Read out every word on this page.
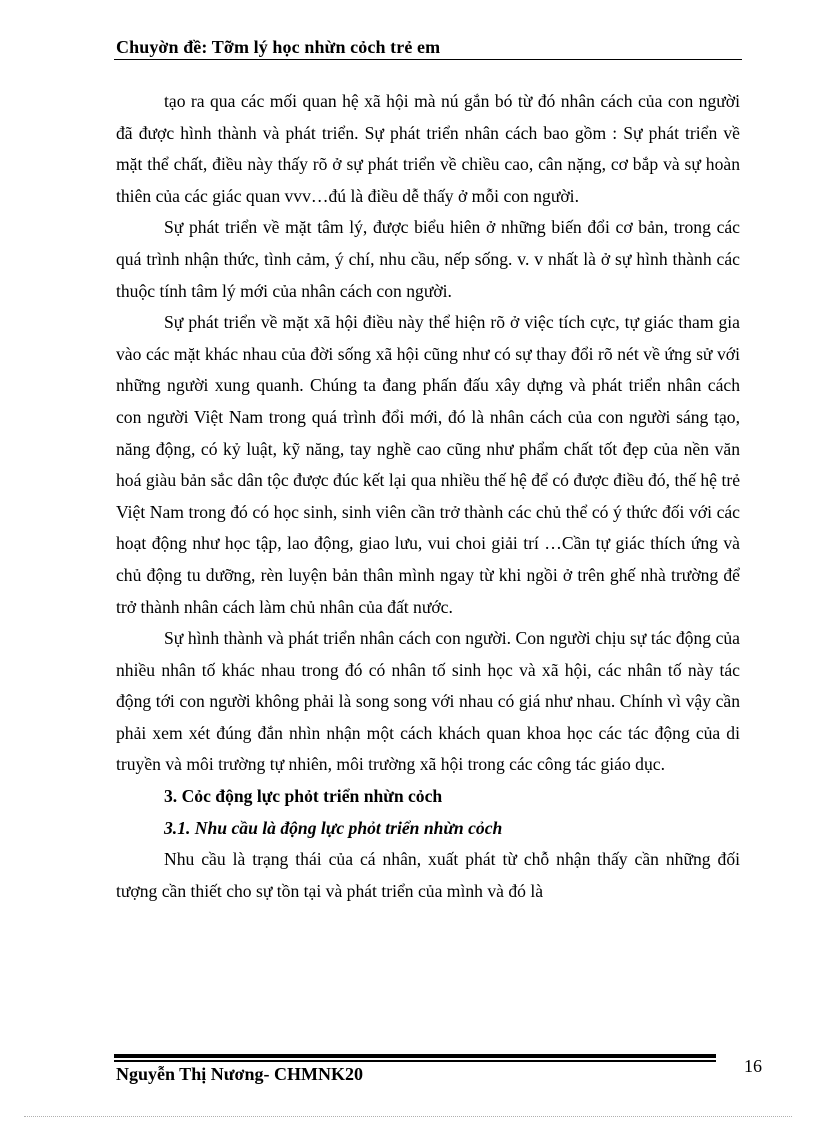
Chuyờn đề: Tỡm lý học nhừn cỏch trẻ em

tạo ra qua các mối quan hệ xã hội mà nú gắn bó từ đó nhân cách của con người đã được hình thành và phát triển. Sự phát triển nhân cách bao gồm : Sự phát triển về mặt thể chất, điều này thấy rõ ở sự phát triển về chiều cao, cân nặng, cơ bắp và sự hoàn thiên của các giác quan vvv…đú là điều dễ thấy ở mỗi con người.

Sự phát triển về mặt tâm lý, được biểu hiên ở những biến đổi cơ bản, trong các quá trình nhận thức, tình cảm, ý chí, nhu cầu, nếp sống. v. v nhất là ở sự hình thành các thuộc tính tâm lý mới của nhân cách con người.

Sự phát triển về mặt xã hội điều này thể hiện rõ ở việc tích cực, tự giác tham gia vào các mặt khác nhau của đời sống xã hội cũng như có sự thay đổi rõ nét về ứng sử với những người xung quanh. Chúng ta đang phấn đấu xây dựng và phát triển nhân cách con người Việt Nam trong quá trình đổi mới, đó là nhân cách của con người sáng tạo, năng động, có kỷ luật, kỹ năng, tay nghề cao cũng như phẩm chất tốt đẹp của nền văn hoá giàu bản sắc dân tộc được đúc kết lại qua nhiều thế hệ để có được điều đó, thế hệ trẻ Việt Nam trong đó có học sinh, sinh viên cần trở thành các chủ thể có ý thức đối với các hoạt động như học tập, lao động, giao lưu, vui choi giải trí …Cần tự giác thích ứng và chủ động tu dưỡng, rèn luyện bản thân mình ngay từ khi ngồi ở trên ghế nhà trường để trở thành nhân cách làm chủ nhân của đất nước.

Sự hình thành và phát triển nhân cách con người. Con người chịu sự tác động của nhiều nhân tố khác nhau trong đó có nhân tố sinh học và xã hội, các nhân tố này tác động tới con người không phải là song song với nhau có giá như nhau. Chính vì vậy cần phải xem xét đúng đắn nhìn nhận một cách khách quan khoa học các tác động của di truyền và môi trường tự nhiên, môi trường xã hội trong các công tác giáo dục.

3. Cỏc động lực phỏt triển nhừn cỏch
3.1. Nhu cầu là động lực phỏt triển nhừn cỏch

Nhu cầu là trạng thái của cá nhân, xuất phát từ chỗ nhận thấy cần những đối tượng cần thiết cho sự tồn tại và phát triển của mình và đó là

16
Nguyễn Thị Nương- CHMNK20
